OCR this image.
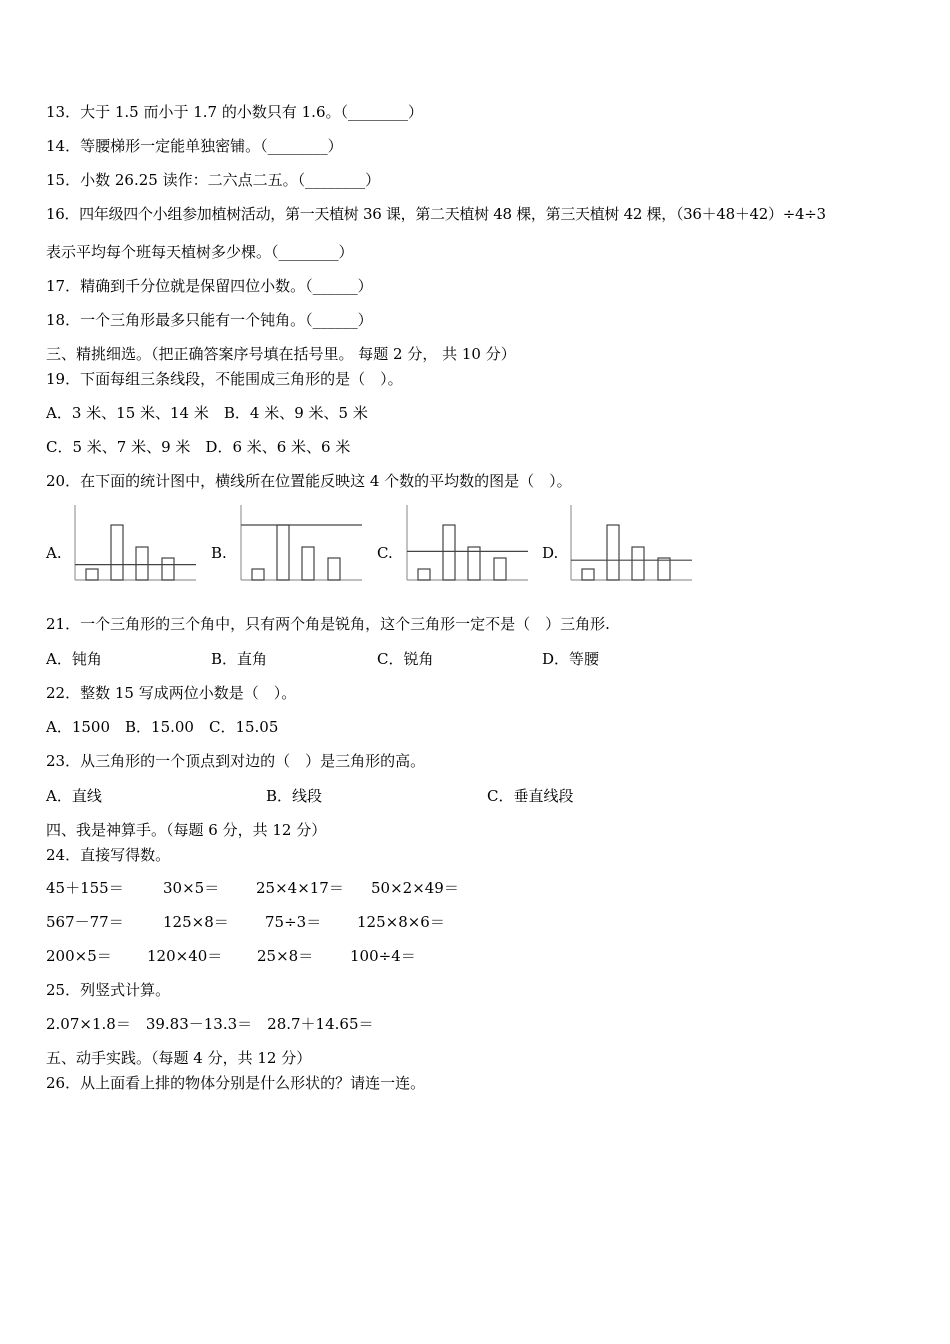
13．大于 1.5 而小于 1.7 的小数只有 1.6。（________）
14．等腰梯形一定能单独密铺。（________）
15．小数 26.25 读作：二六点二五。（________）
16．四年级四个小组参加植树活动，第一天植树 36 课，第二天植树 48 棵，第三天植树 42 棵，（36＋48＋42）÷4÷3
表示平均每个班每天植树多少棵。（________）
17．精确到千分位就是保留四位小数。（______）
18．一个三角形最多只能有一个钝角。（______）
三、精挑细选。（把正确答案序号填在括号里。 每题 2 分， 共 10 分）
19．下面每组三条线段，不能围成三角形的是（　）。
A．3 米、15 米、14 米　B．4 米、9 米、5 米
C．5 米、7 米、9 米　D．6 米、6 米、6 米
20．在下面的统计图中，横线所在位置能反映这 4 个数的平均数的图是（　）。
A.	B.	C.	D.
21．一个三角形的三个角中，只有两个角是锐角，这个三角形一定不是（　）三角形.
A．钝角	B．直角	C．锐角	D．等腰
22．整数 15 写成两位小数是（　）。
A．1500　B．15.00　C．15.05
23．从三角形的一个顶点到对边的（　）是三角形的高。
A．直线	B．线段	C．垂直线段
四、我是神算手。（每题 6 分，共 12 分）
24．直接写得数。
45＋155＝	30×5＝ 25×4×17＝ 50×2×49＝
567－77＝	125×8＝ 75÷3＝ 125×8×6＝
200×5＝ 120×40＝ 25×8＝ 100÷4＝
25．列竖式计算。
2.07×1.8＝　39.83－13.3＝　28.7＋14.65＝
五、动手实践。（每题 4 分，共 12 分）
26．从上面看上排的物体分别是什么形状的？请连一连。
